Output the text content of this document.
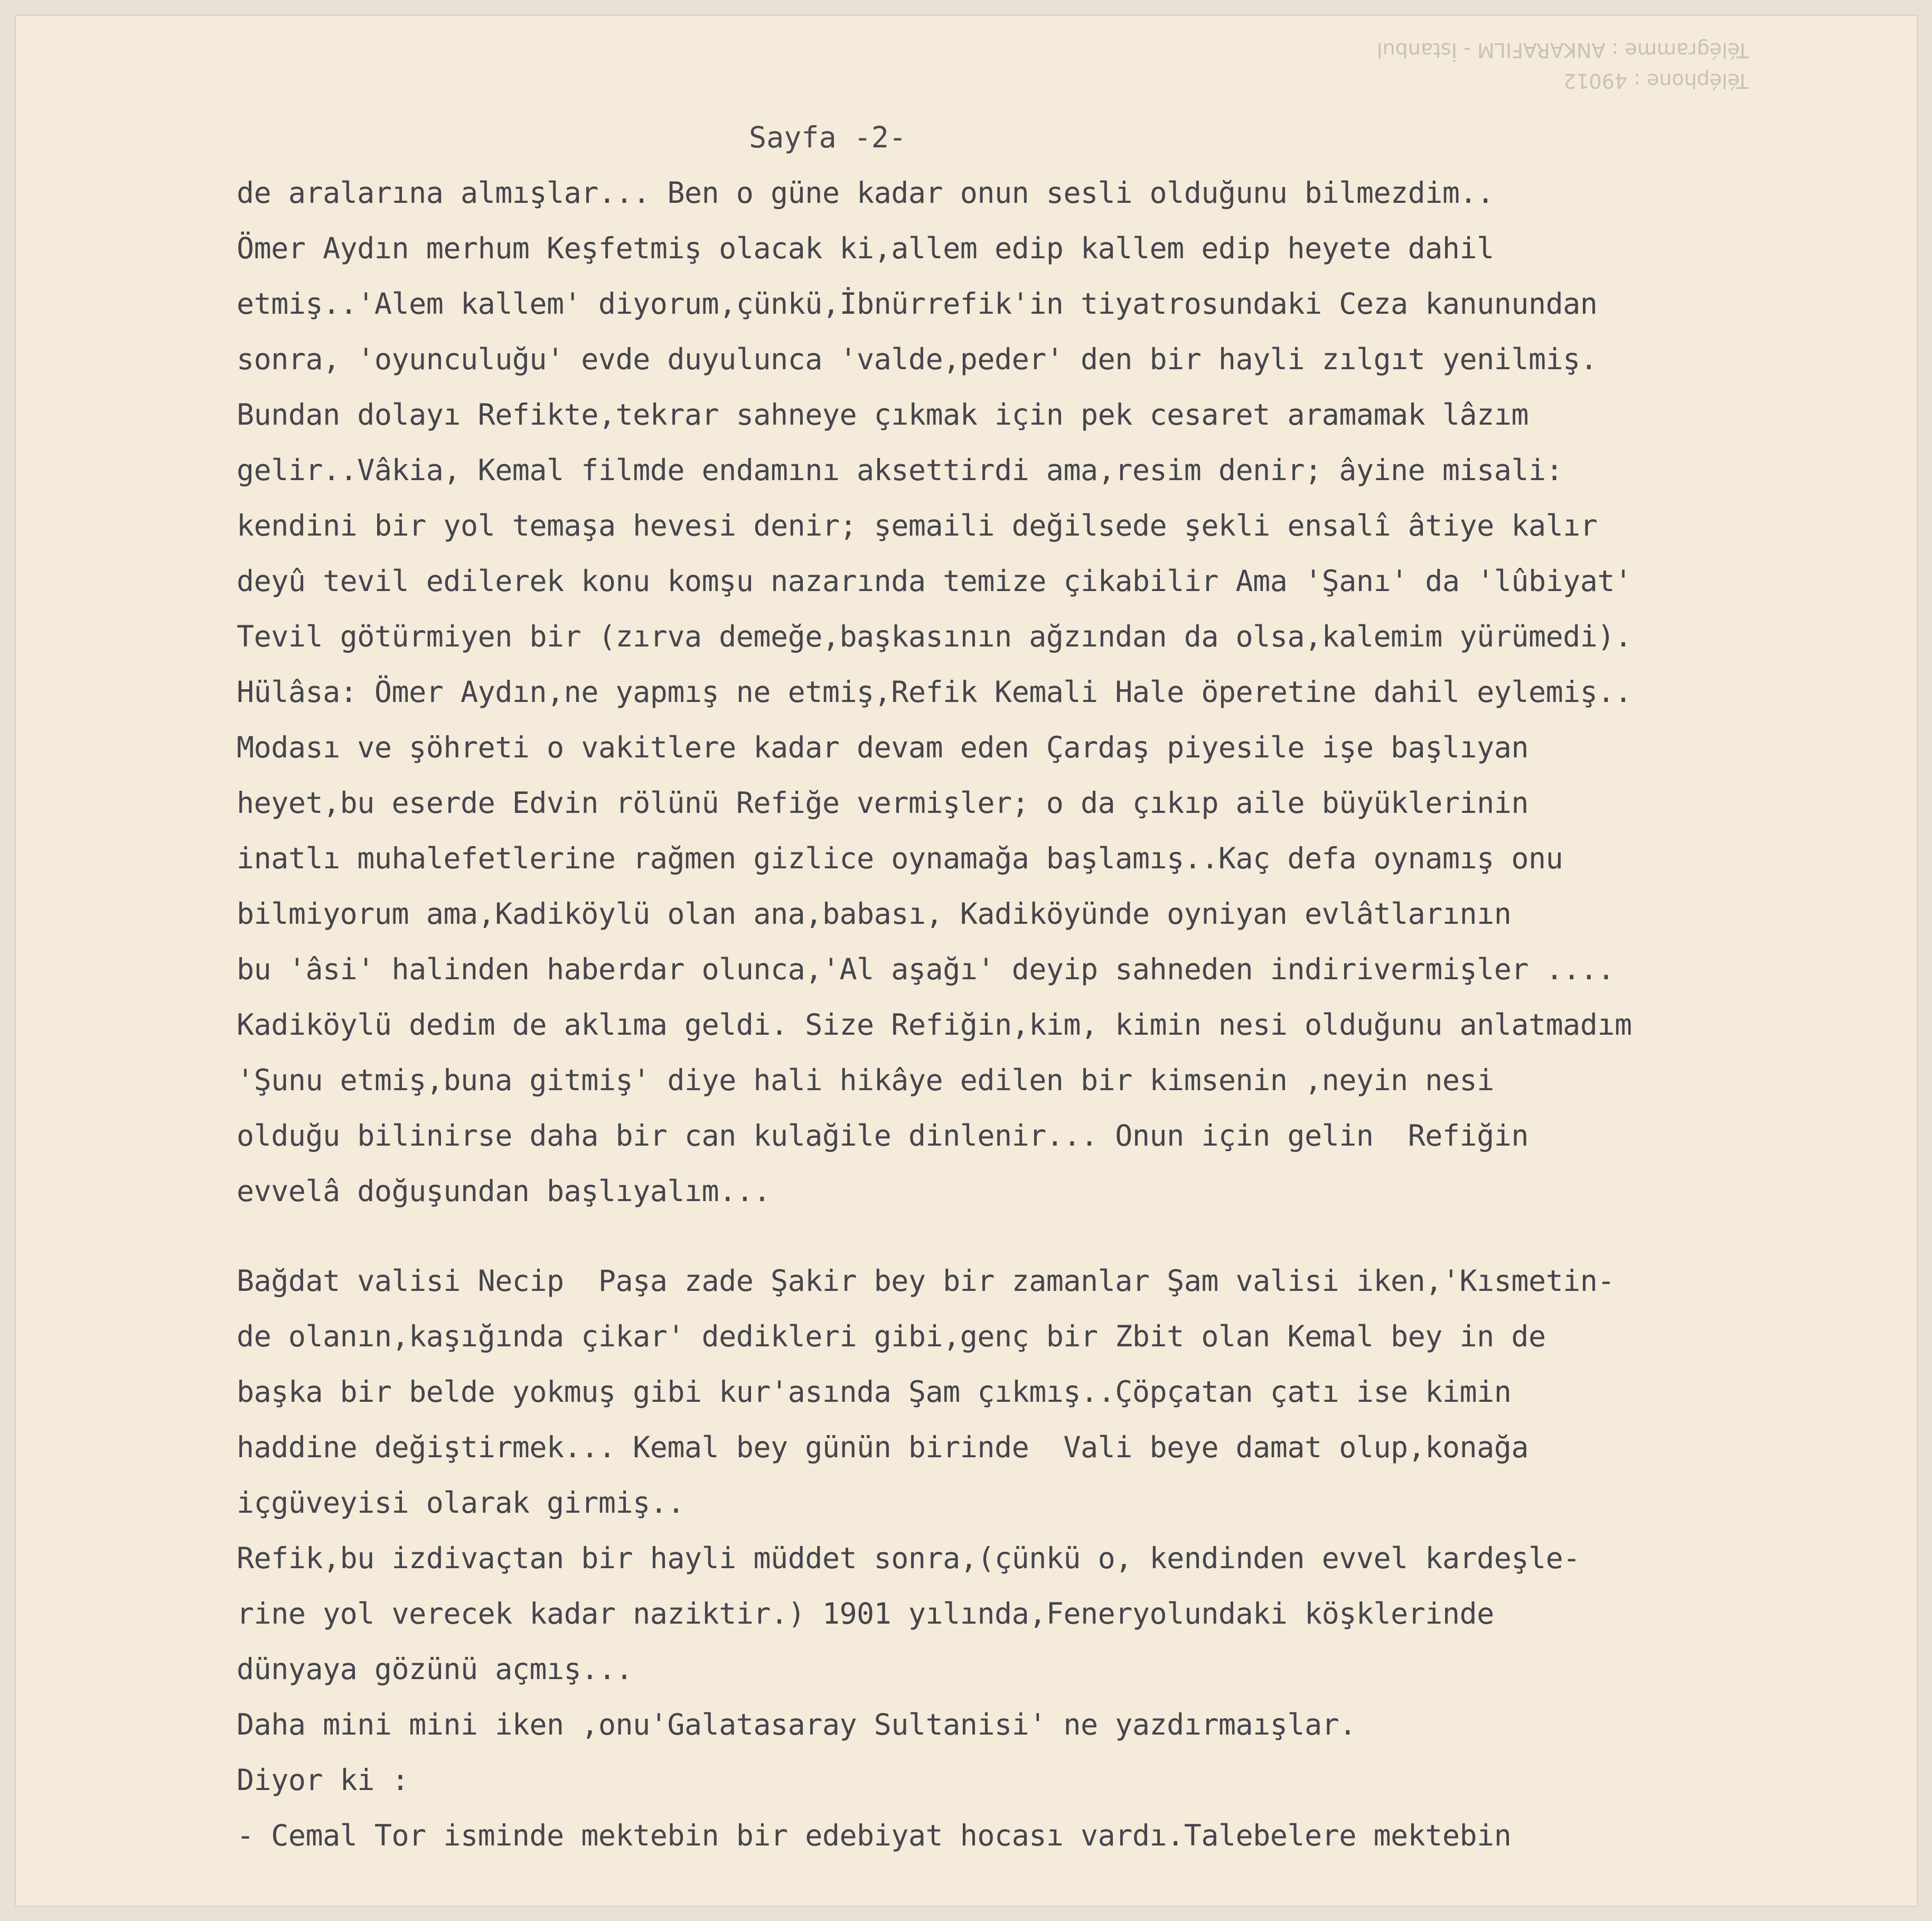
Téléphone : 49012
Télégramme : ANKARAFILM - İstanbul
Sayfa -2-

de aralarına almışlar... Ben o güne kadar onun sesli olduğunu bilmezdim..

Ömer Aydın merhum Keşfetmiş olacak ki,allem edip kallem edip heyete dahil

etmiş..'Alem kallem' diyorum,çünkü,İbnürrefik'in tiyatrosundaki Ceza kanunundan

sonra, 'oyunculuğu' evde duyulunca 'valde,peder' den bir hayli zılgıt yenilmiş.

Bundan dolayı Refikte,tekrar sahneye çıkmak için pek cesaret aramamak lâzım

gelir..Vâkia, Kemal filmde endamını aksettirdi ama,resim denir; âyine misali:

kendini bir yol temaşa hevesi denir; şemaili değilsede şekli ensalî âtiye kalır

deyû tevil edilerek konu komşu nazarında temize çikabilir Ama 'Şanı' da 'lûbiyat'

Tevil götürmiyen bir (zırva demeğe,başkasının ağzından da olsa,kalemim yürümedi).

Hülâsa: Ömer Aydın,ne yapmış ne etmiş,Refik Kemali Hale öperetine dahil eylemiş..

Modası ve şöhreti o vakitlere kadar devam eden Çardaş piyesile işe başlıyan

heyet,bu eserde Edvin rölünü Refiğe vermişler; o da çıkıp aile büyüklerinin

inatlı muhalefetlerine rağmen gizlice oynamağa başlamış..Kaç defa oynamış onu

bilmiyorum ama,Kadiköylü olan ana,babası, Kadiköyünde oyniyan evlâtlarının

bu 'âsi' halinden haberdar olunca,'Al aşağı' deyip sahneden indirivermişler ....

Kadiköylü dedim de aklıma geldi. Size Refiğin,kim, kimin nesi olduğunu anlatmadım

'Şunu etmiş,buna gitmiş' diye hali hikâye edilen bir kimsenin ,neyin nesi

olduğu bilinirse daha bir can kulağile dinlenir... Onun için gelin  Refiğin

evvelâ doğuşundan başlıyalım...

Bağdat valisi Necip  Paşa zade Şakir bey bir zamanlar Şam valisi iken,'Kısmetin-

de olanın,kaşığında çikar' dedikleri gibi,genç bir Zbit olan Kemal bey in de

başka bir belde yokmuş gibi kur'asında Şam çıkmış..Çöpçatan çatı ise kimin

haddine değiştirmek... Kemal bey günün birinde  Vali beye damat olup,konağa

içgüveyisi olarak girmiş..

Refik,bu izdivaçtan bir hayli müddet sonra,(çünkü o, kendinden evvel kardeşle-

rine yol verecek kadar naziktir.) 1901 yılında,Feneryolundaki köşklerinde

dünyaya gözünü açmış...

Daha mini mini iken ,onu'Galatasaray Sultanisi' ne yazdırmaışlar.

Diyor ki :

- Cemal Tor isminde mektebin bir edebiyat hocası vardı.Talebelere mektebin
